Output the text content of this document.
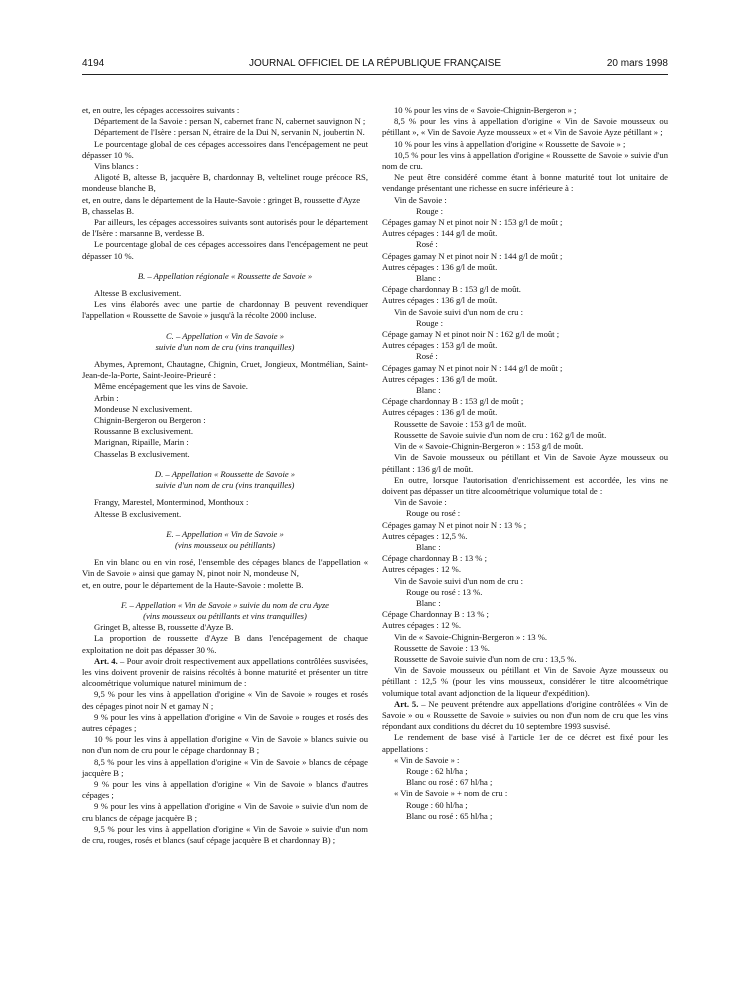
4194	JOURNAL OFFICIEL DE LA RÉPUBLIQUE FRANÇAISE	20 mars 1998

et, en outre, les cépages accessoires suivants :

Département de la Savoie : persan N, cabernet franc N, cabernet sauvignon N ;

Département de l'Isère : persan N, étraire de la Dui N, servanin N, joubertin N.

Le pourcentage global de ces cépages accessoires dans l'encépagement ne peut dépasser 10 %.

Vins blancs :

Aligoté B, altesse B, jacquère B, chardonnay B, veltelinet rouge précoce RS, mondeuse blanche B,

et, en outre, dans le département de la Haute-Savoie : gringet B, roussette d'Ayze B, chasselas B.

Par ailleurs, les cépages accessoires suivants sont autorisés pour le département de l'Isère : marsanne B, verdesse B.

Le pourcentage global de ces cépages accessoires dans l'encépagement ne peut dépasser 10 %.

B. – Appellation régionale « Roussette de Savoie »

Altesse B exclusivement.

Les vins élaborés avec une partie de chardonnay B peuvent revendiquer l'appellation « Roussette de Savoie » jusqu'à la récolte 2000 incluse.

C. – Appellation « Vin de Savoie »

suivie d'un nom de cru (vins tranquilles)

Abymes, Apremont, Chautagne, Chignin, Cruet, Jongieux, Montmélian, Saint-Jean-de-la-Porte, Saint-Jeoire-Prieuré :

Même encépagement que les vins de Savoie.

Arbin :

Mondeuse N exclusivement.

Chignin-Bergeron ou Bergeron :

Roussanne B exclusivement.

Marignan, Ripaille, Marin :

Chasselas B exclusivement.

D. – Appellation « Roussette de Savoie »

suivie d'un nom de cru (vins tranquilles)

Frangy, Marestel, Monterminod, Monthoux :

Altesse B exclusivement.

E. – Appellation « Vin de Savoie »

(vins mousseux ou pétillants)

En vin blanc ou en vin rosé, l'ensemble des cépages blancs de l'appellation « Vin de Savoie » ainsi que gamay N, pinot noir N, mondeuse N,

et, en outre, pour le département de la Haute-Savoie : molette B.

F. – Appellation « Vin de Savoie » suivie du nom de cru Ayze

(vins mousseux ou pétillants et vins tranquilles)

Gringet B, altesse B, roussette d'Ayze B.

La proportion de roussette d'Ayze B dans l'encépagement de chaque exploitation ne doit pas dépasser 30 %.

Art. 4. – Pour avoir droit respectivement aux appellations contrôlées susvisées, les vins doivent provenir de raisins récoltés à bonne maturité et présenter un titre alcoométrique volumique naturel minimum de :

9,5 % pour les vins à appellation d'origine « Vin de Savoie » rouges et rosés des cépages pinot noir N et gamay N ;

9 % pour les vins à appellation d'origine « Vin de Savoie » rouges et rosés des autres cépages ;

10 % pour les vins à appellation d'origine « Vin de Savoie » blancs suivie ou non d'un nom de cru pour le cépage chardonnay B ;

8,5 % pour les vins à appellation d'origine « Vin de Savoie » blancs de cépage jacquère B ;

9 % pour les vins à appellation d'origine « Vin de Savoie » blancs d'autres cépages ;

9 % pour les vins à appellation d'origine « Vin de Savoie » suivie d'un nom de cru blancs de cépage jacquère B ;

9,5 % pour les vins à appellation d'origine « Vin de Savoie » suivie d'un nom de cru, rouges, rosés et blancs (sauf cépage jacquère B et chardonnay B) ;

10 % pour les vins de « Savoie-Chignin-Bergeron » ;

8,5 % pour les vins à appellation d'origine « Vin de Savoie mousseux ou pétillant », « Vin de Savoie Ayze mousseux » et « Vin de Savoie Ayze pétillant » ;

10 % pour les vins à appellation d'origine « Roussette de Savoie » ;

10,5 % pour les vins à appellation d'origine « Roussette de Savoie » suivie d'un nom de cru.

Ne peut être considéré comme étant à bonne maturité tout lot unitaire de vendange présentant une richesse en sucre inférieure à :

Vin de Savoie :

Rouge :

Cépages gamay N et pinot noir N : 153 g/l de moût ;

Autres cépages : 144 g/l de moût.

Rosé :

Cépages gamay N et pinot noir N : 144 g/l de moût ;

Autres cépages : 136 g/l de moût.

Blanc :

Cépage chardonnay B : 153 g/l de moût.

Autres cépages : 136 g/l de moût.

Vin de Savoie suivi d'un nom de cru :

Rouge :

Cépage gamay N et pinot noir N : 162 g/l de moût ;

Autres cépages : 153 g/l de moût.

Rosé :

Cépages gamay N et pinot noir N : 144 g/l de moût ;

Autres cépages : 136 g/l de moût.

Blanc :

Cépage chardonnay B : 153 g/l de moût ;

Autres cépages : 136 g/l de moût.

Roussette de Savoie : 153 g/l de moût.

Roussette de Savoie suivie d'un nom de cru : 162 g/l de moût.

Vin de « Savoie-Chignin-Bergeron » : 153 g/l de moût.

Vin de Savoie mousseux ou pétillant et Vin de Savoie Ayze mousseux ou pétillant : 136 g/l de moût.

En outre, lorsque l'autorisation d'enrichissement est accordée, les vins ne doivent pas dépasser un titre alcoométrique volumique total de :

Vin de Savoie :

Rouge ou rosé :

Cépages gamay N et pinot noir N : 13 % ;

Autres cépages : 12,5 %.

Blanc :

Cépage chardonnay B : 13 % ;

Autres cépages : 12 %.

Vin de Savoie suivi d'un nom de cru :

Rouge ou rosé : 13 %.

Blanc :

Cépage Chardonnay B : 13 % ;

Autres cépages : 12 %.

Vin de « Savoie-Chignin-Bergeron » : 13 %.

Roussette de Savoie : 13 %.

Roussette de Savoie suivie d'un nom de cru : 13,5 %.

Vin de Savoie mousseux ou pétillant et Vin de Savoie Ayze mousseux ou pétillant : 12,5 % (pour les vins mousseux, considérer le titre alcoométrique volumique total avant adjonction de la liqueur d'expédition).

Art. 5. – Ne peuvent prétendre aux appellations d'origine contrôlées « Vin de Savoie » ou « Roussette de Savoie » suivies ou non d'un nom de cru que les vins répondant aux conditions du décret du 10 septembre 1993 susvisé.

Le rendement de base visé à l'article 1er de ce décret est fixé pour les appellations :

« Vin de Savoie » :

Rouge : 62 hl/ha ;

Blanc ou rosé : 67 hl/ha ;

« Vin de Savoie » + nom de cru :

Rouge : 60 hl/ha ;

Blanc ou rosé : 65 hl/ha ;
